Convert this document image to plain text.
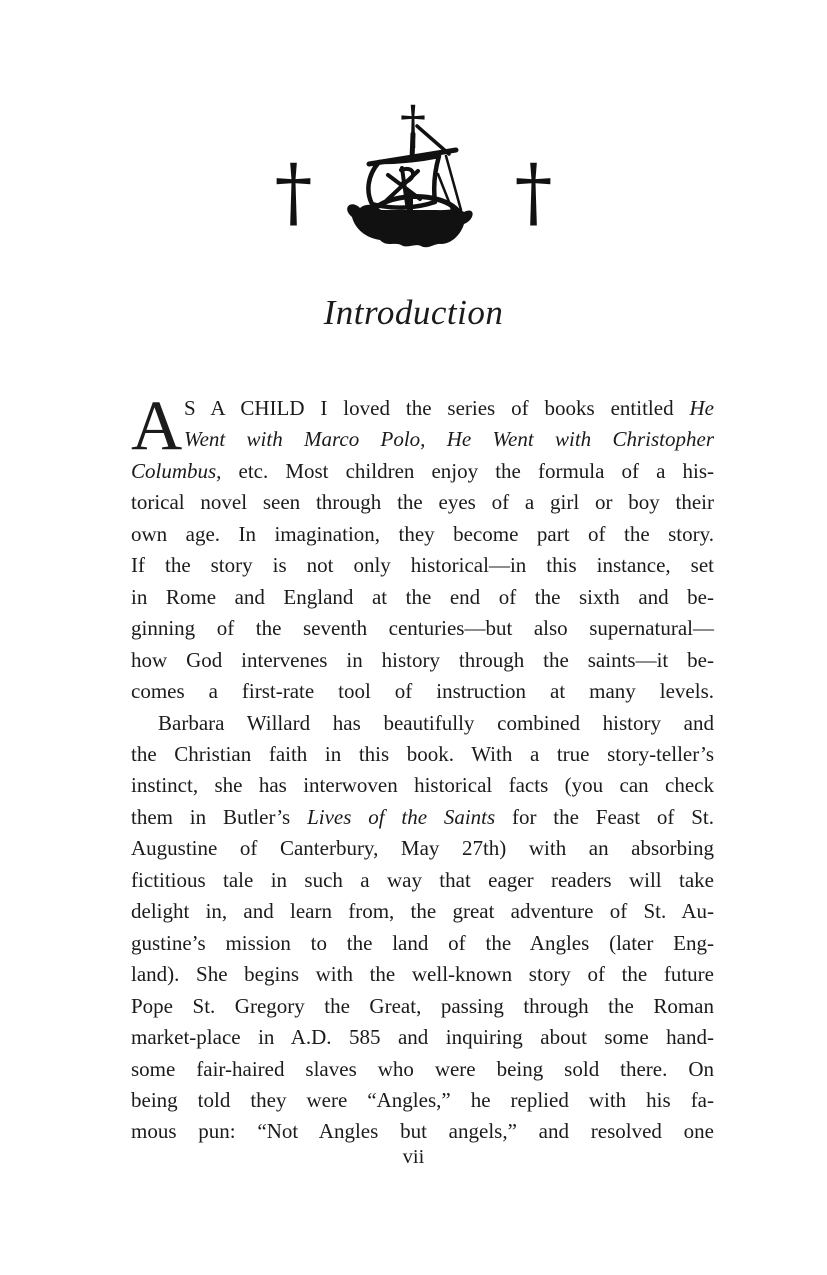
†
†
†
Introduction
A S A CHILD I loved the series of books entitled He
Went with Marco Polo, He Went with Christopher
Columbus, etc. Most children enjoy the formula of a his-
torical novel seen through the eyes of a girl or boy their
own age. In imagination, they become part of the story.
If the story is not only historical—in this instance, set
in Rome and England at the end of the sixth and be-
ginning of the seventh centuries—but also supernatural—
how God intervenes in history through the saints—it be-
comes a first-rate tool of instruction at many levels.
Barbara Willard has beautifully combined history and
the Christian faith in this book. With a true story-teller’s
instinct, she has interwoven historical facts (you can check
them in Butler’s Lives of the Saints for the Feast of St.
Augustine of Canterbury, May 27th) with an absorbing
fictitious tale in such a way that eager readers will take
delight in, and learn from, the great adventure of St. Au-
gustine’s mission to the land of the Angles (later Eng-
land). She begins with the well-known story of the future
Pope St. Gregory the Great, passing through the Roman
market-place in A.D. 585 and inquiring about some hand-
some fair-haired slaves who were being sold there. On
being told they were “Angles,” he replied with his fa-
mous pun: “Not Angles but angels,” and resolved one
vii
